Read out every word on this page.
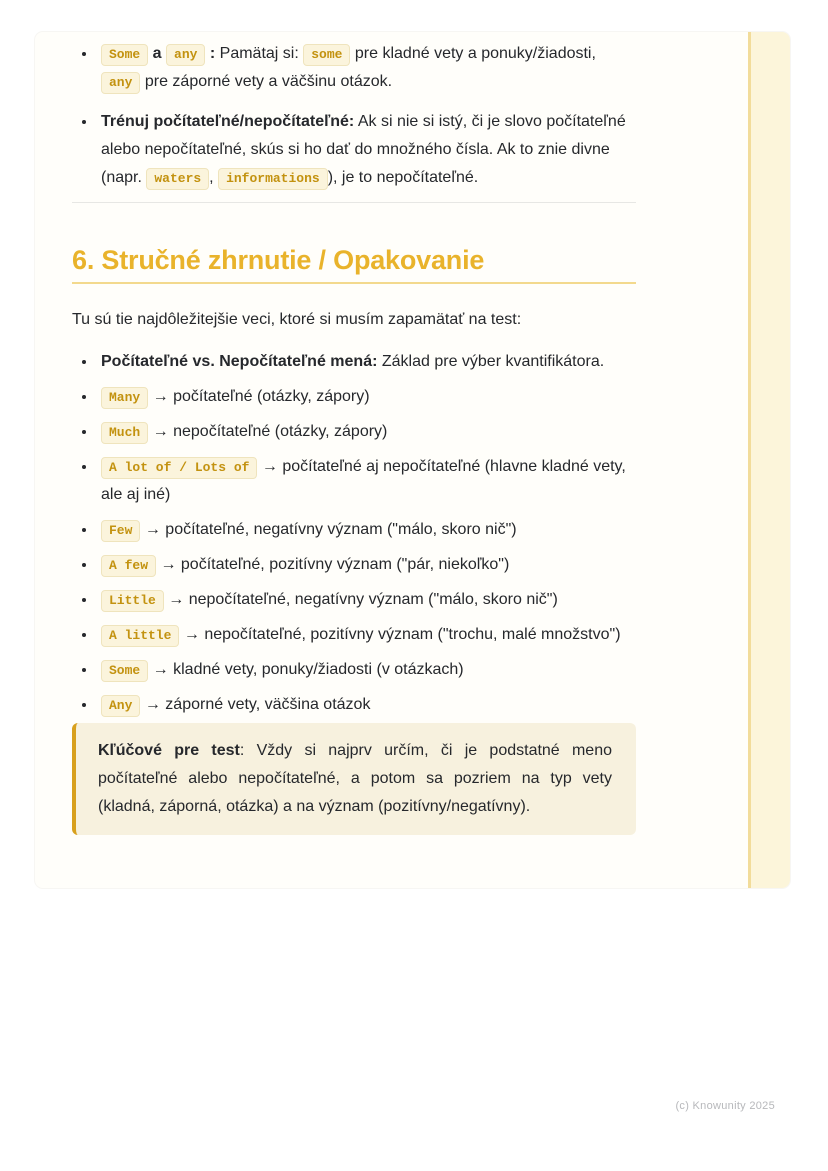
• Some a any : Pamätaj si: some pre kladné vety a ponuky/žiadosti, any pre záporné vety a väčšinu otázok.
• Trénuj počítateľné/nepočítateľné: Ak si nie si istý, či je slovo počítateľné alebo nepočítateľné, skús si ho dať do množného čísla. Ak to znie divne (napr. waters , informations ), je to nepočítateľné.
6. Stručné zhrnutie / Opakovanie

Tu sú tie najdôležitejšie veci, ktoré si musím zapamätať na test:

• Počítateľné vs. Nepočítateľné mená: Základ pre výber kvantifikátora.
• Many → počítateľné (otázky, zápory)
• Much → nepočítateľné (otázky, zápory)
• A lot of / Lots of → počítateľné aj nepočítateľné (hlavne kladné vety, ale aj iné)
• Few → počítateľné, negatívny význam ("málo, skoro nič")
• A few → počítateľné, pozitívny význam ("pár, niekoľko")
• Little → nepočítateľné, negatívny význam ("málo, skoro nič")
• A little → nepočítateľné, pozitívny význam ("trochu, malé množstvo")
• Some → kladné vety, ponuky/žiadosti (v otázkach)
• Any → záporné vety, väčšina otázok

Kľúčové pre test: Vždy si najprv určím, či je podstatné meno počítateľné alebo nepočítateľné, a potom sa pozriem na typ vety (kladná, záporná, otázka) a na význam (pozitívny/negatívny).

(c) Knowunity 2025
